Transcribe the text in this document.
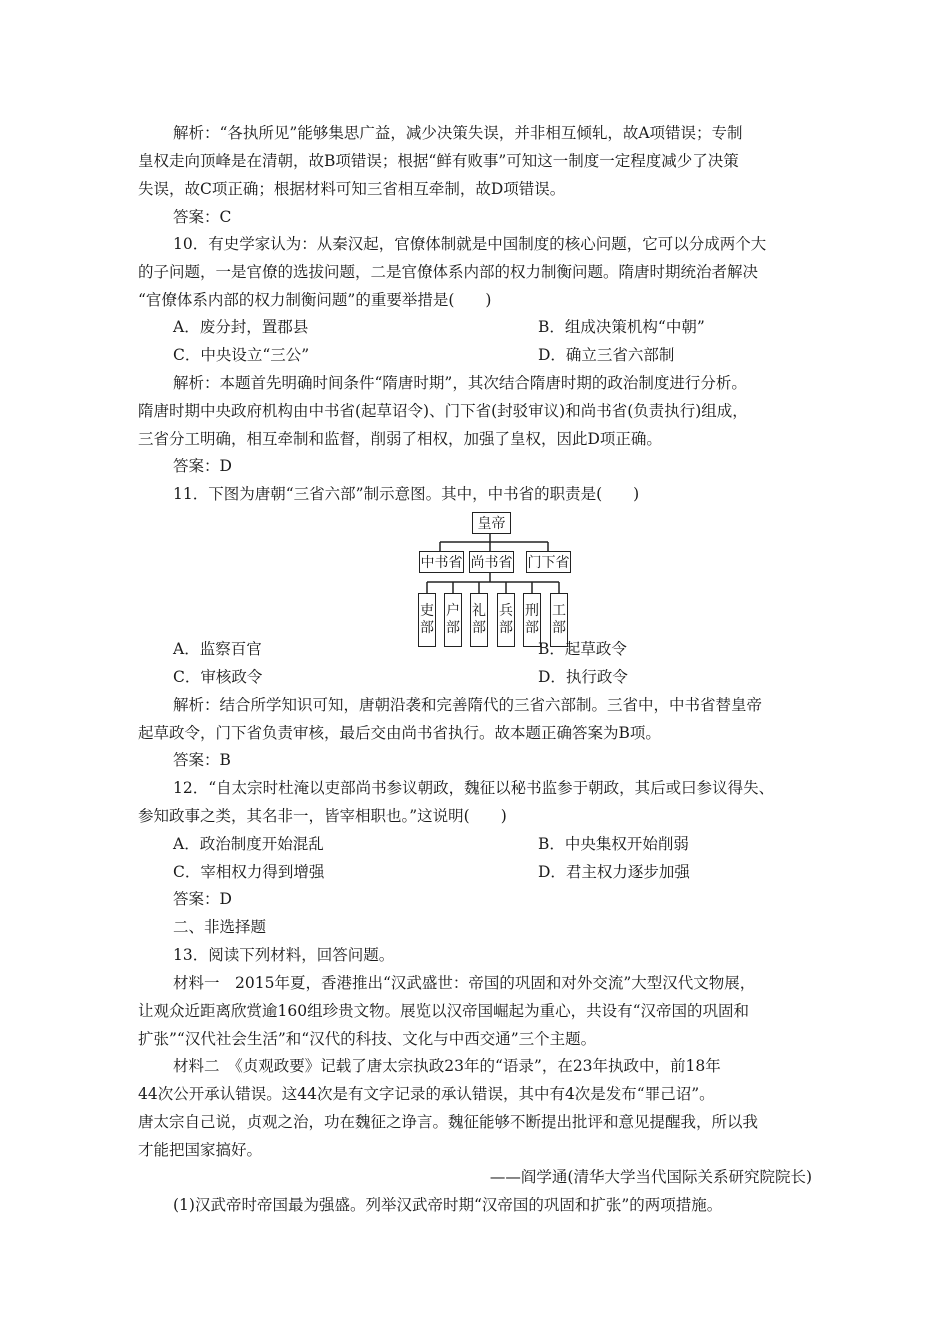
解析：“各执所见”能够集思广益，减少决策失误，并非相互倾轧，故A项错误；专制
皇权走向顶峰是在清朝，故B项错误；根据“鲜有败事”可知这一制度一定程度减少了决策
失误，故C项正确；根据材料可知三省相互牵制，故D项错误。
答案：C
10．有史学家认为：从秦汉起，官僚体制就是中国制度的核心问题，它可以分成两个大
的子问题，一是官僚的选拔问题，二是官僚体系内部的权力制衡问题。隋唐时期统治者解决
“官僚体系内部的权力制衡问题”的重要举措是(　　)
A．废分封，置郡县	B．组成决策机构“中朝”
C．中央设立“三公”	D．确立三省六部制
解析：本题首先明确时间条件“隋唐时期”，其次结合隋唐时期的政治制度进行分析。
隋唐时期中央政府机构由中书省(起草诏令)、门下省(封驳审议)和尚书省(负责执行)组成，
三省分工明确，相互牵制和监督，削弱了相权，加强了皇权，因此D项正确。
答案：D
11．下图为唐朝“三省六部”制示意图。其中，中书省的职责是(　　)
皇帝
中书省 尚书省 门下省
吏
部
户
部
礼
部
兵
部
刑
部
工
部
A．监察百官	B．起草政令
C．审核政令	D．执行政令
解析：结合所学知识可知，唐朝沿袭和完善隋代的三省六部制。三省中，中书省替皇帝
起草政令，门下省负责审核，最后交由尚书省执行。故本题正确答案为B项。
答案：B
12．“自太宗时杜淹以吏部尚书参议朝政，魏征以秘书监参于朝政，其后或曰参议得失、
参知政事之类，其名非一，皆宰相职也。”这说明(　　)
A．政治制度开始混乱	B．中央集权开始削弱
C．宰相权力得到增强	D．君主权力逐步加强
答案：D
二、非选择题
13．阅读下列材料，回答问题。
材料一　2015年夏，香港推出“汉武盛世：帝国的巩固和对外交流”大型汉代文物展，
让观众近距离欣赏逾160组珍贵文物。展览以汉帝国崛起为重心，共设有“汉帝国的巩固和
扩张”“汉代社会生活”和“汉代的科技、文化与中西交通”三个主题。
材料二　《贞观政要》记载了唐太宗执政23年的“语录”，在23年执政中，前18年
44次公开承认错误。这44次是有文字记录的承认错误，其中有4次是发布“罪己诏”。
唐太宗自己说，贞观之治，功在魏征之诤言。魏征能够不断提出批评和意见提醒我，所以我
才能把国家搞好。
——阎学通(清华大学当代国际关系研究院院长)
(1)汉武帝时帝国最为强盛。列举汉武帝时期“汉帝国的巩固和扩张”的两项措施。
